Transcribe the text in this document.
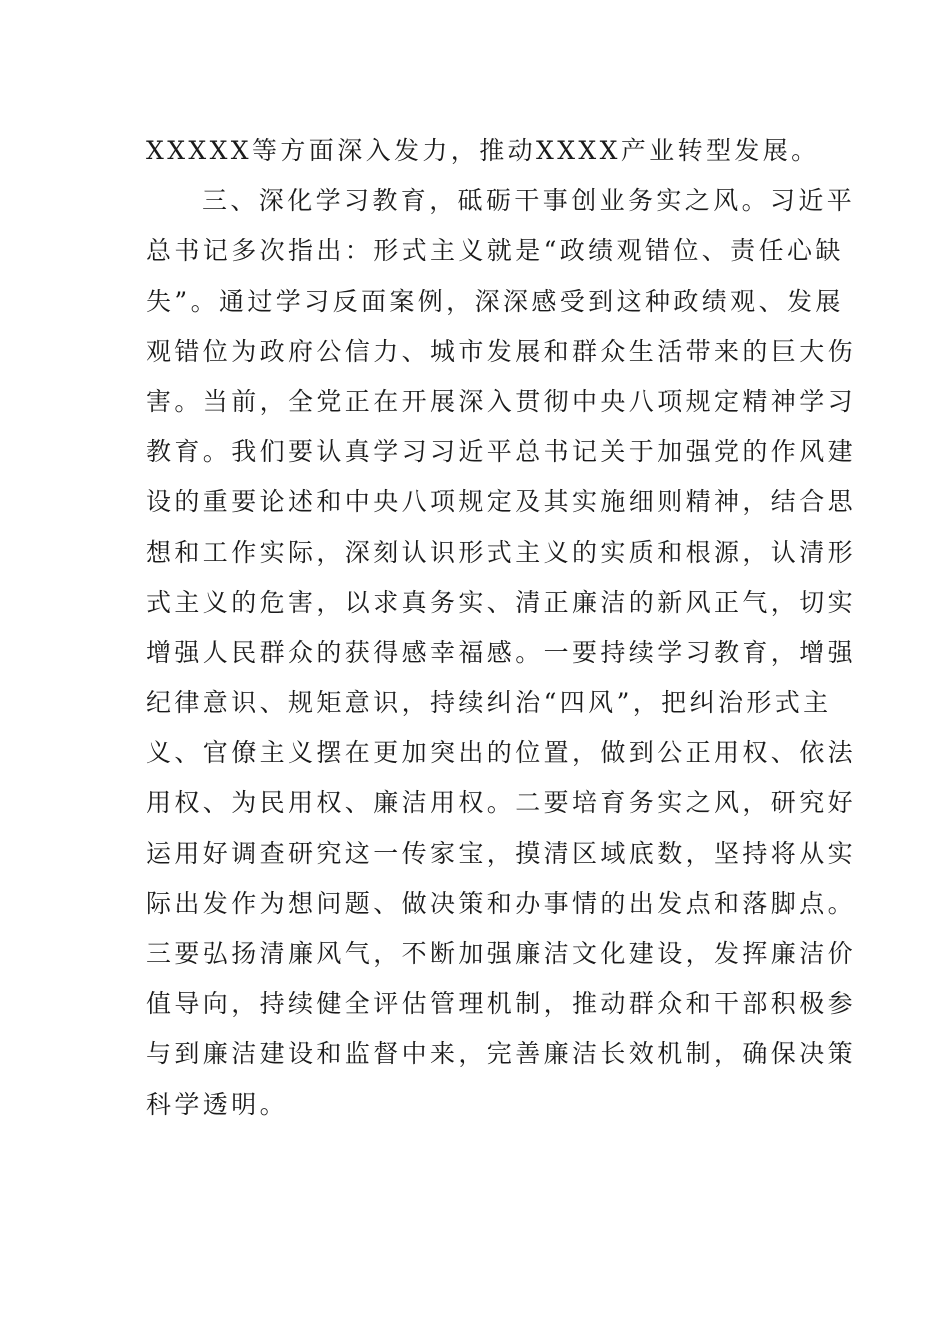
XXXXX等方面深入发力，推动XXXX产业转型发展。
三、深化学习教育，砥砺干事创业务实之风。习近平
总书记多次指出：形式主义就是“政绩观错位、责任心缺
失”。通过学习反面案例，深深感受到这种政绩观、发展
观错位为政府公信力、城市发展和群众生活带来的巨大伤
害。当前，全党正在开展深入贯彻中央八项规定精神学习
教育。我们要认真学习习近平总书记关于加强党的作风建
设的重要论述和中央八项规定及其实施细则精神，结合思
想和工作实际，深刻认识形式主义的实质和根源，认清形
式主义的危害，以求真务实、清正廉洁的新风正气，切实
增强人民群众的获得感幸福感。一要持续学习教育，增强
纪律意识、规矩意识，持续纠治“四风”，把纠治形式主
义、官僚主义摆在更加突出的位置，做到公正用权、依法
用权、为民用权、廉洁用权。二要培育务实之风，研究好
运用好调查研究这一传家宝，摸清区域底数，坚持将从实
际出发作为想问题、做决策和办事情的出发点和落脚点。
三要弘扬清廉风气，不断加强廉洁文化建设，发挥廉洁价
值导向，持续健全评估管理机制，推动群众和干部积极参
与到廉洁建设和监督中来，完善廉洁长效机制，确保决策
科学透明。
